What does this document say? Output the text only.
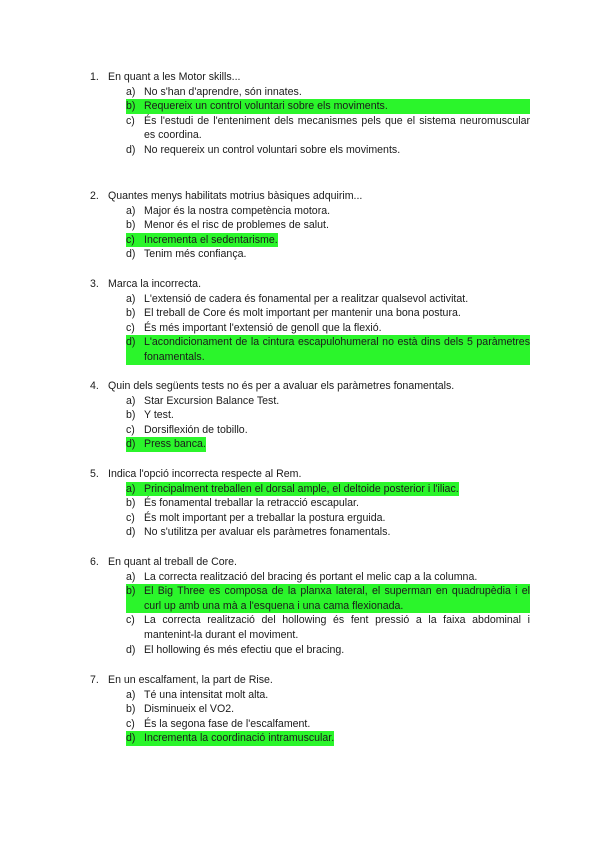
1. En quant a les Motor skills...
a) No s'han d'aprendre, són innates.
b) Requereix un control voluntari sobre els moviments.
c) És l'estudi de l'enteniment dels mecanismes pels que el sistema neuromuscular es coordina.
d) No requereix un control voluntari sobre els moviments.
2. Quantes menys habilitats motrius bàsiques adquirim...
a) Major és la nostra competència motora.
b) Menor és el risc de problemes de salut.
c) Incrementa el sedentarisme.
d) Tenim més confiança.
3. Marca la incorrecta.
a) L'extensió de cadera és fonamental per a realitzar qualsevol activitat.
b) El treball de Core és molt important per mantenir una bona postura.
c) És més important l'extensió de genoll que la flexió.
d) L'acondicionament de la cintura escapulohumeral no està dins dels 5 paràmetres fonamentals.
4. Quin dels següents tests no és per a avaluar els paràmetres fonamentals.
a) Star Excursion Balance Test.
b) Y test.
c) Dorsiflexión de tobillo.
d) Press banca.
5. Indica l'opció incorrecta respecte al Rem.
a) Principalment treballen el dorsal ample, el deltoide posterior i l'iliac.
b) És fonamental treballar la retracció escapular.
c) És molt important per a treballar la postura erguida.
d) No s'utilitza per avaluar els paràmetres fonamentals.
6. En quant al treball de Core.
a) La correcta realització del bracing és portant el melic cap a la columna.
b) El Big Three es composa de la planxa lateral, el superman en quadrupèdia i el curl up amb una mà a l'esquena i una cama flexionada.
c) La correcta realització del hollowing és fent pressió a la faixa abdominal i mantenint-la durant el moviment.
d) El hollowing és més efectiu que el bracing.
7. En un escalfament, la part de Rise.
a) Té una intensitat molt alta.
b) Disminueix el VO2.
c) És la segona fase de l'escalfament.
d) Incrementa la coordinació intramuscular.
